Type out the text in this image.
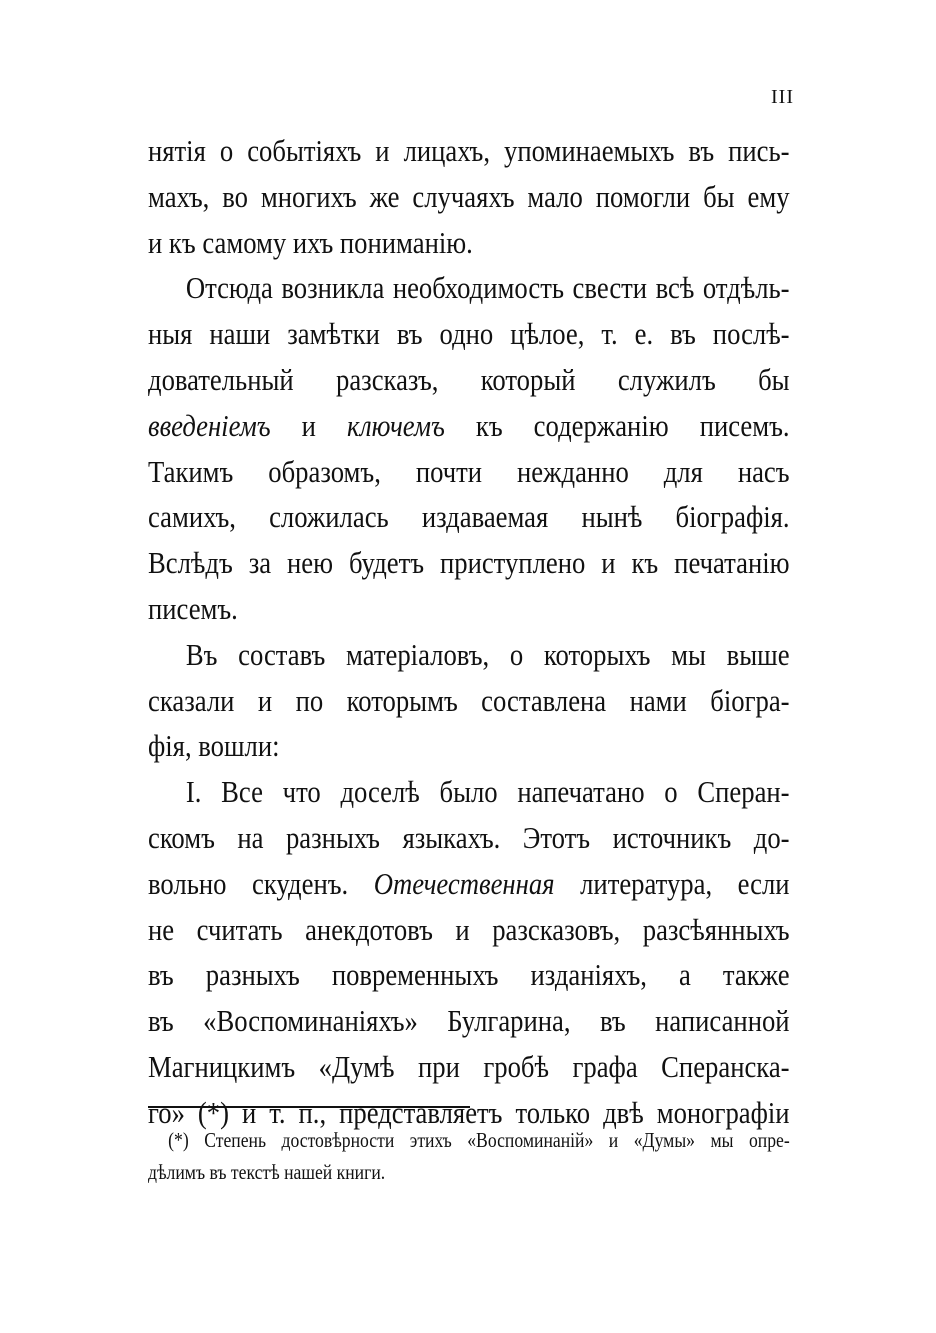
III
нятія о событіяхъ и лицахъ, упоминаемыхъ въ пись-
махъ, во многихъ же случаяхъ мало помогли бы ему
и къ самому ихъ пониманію.
Отсюда возникла необходимость свести всѣ отдѣль-
ныя наши замѣтки въ одно цѣлое, т. е. въ послѣ-
довательный разсказъ, который служилъ бы
введеніемъ и ключемъ къ содержанію писемъ.
Такимъ образомъ, почти нежданно для насъ
самихъ, сложилась издаваемая нынѣ біографія.
Вслѣдъ за нею будетъ приступлено и къ печатанію
писемъ.
Въ составъ матеріаловъ, о которыхъ мы выше
сказали и по которымъ составлена нами біогра-
фія, вошли:
I. Все что доселѣ было напечатано о Сперан-
скомъ на разныхъ языкахъ. Этотъ источникъ до-
вольно скуденъ. Отечественная литература, если
не считать анекдотовъ и разсказовъ, разсѣянныхъ
въ разныхъ повременныхъ изданіяхъ, а также
въ «Воспоминаніяхъ» Булгарина, въ написанной
Магницкимъ «Думѣ при гробѣ графа Сперанска-
го» (*) и т. п., представляетъ только двѣ монографіи
(*) Степень достовѣрности этихъ «Воспоминаній» и «Думы» мы опре-
дѣлимъ въ текстѣ нашей книги.
